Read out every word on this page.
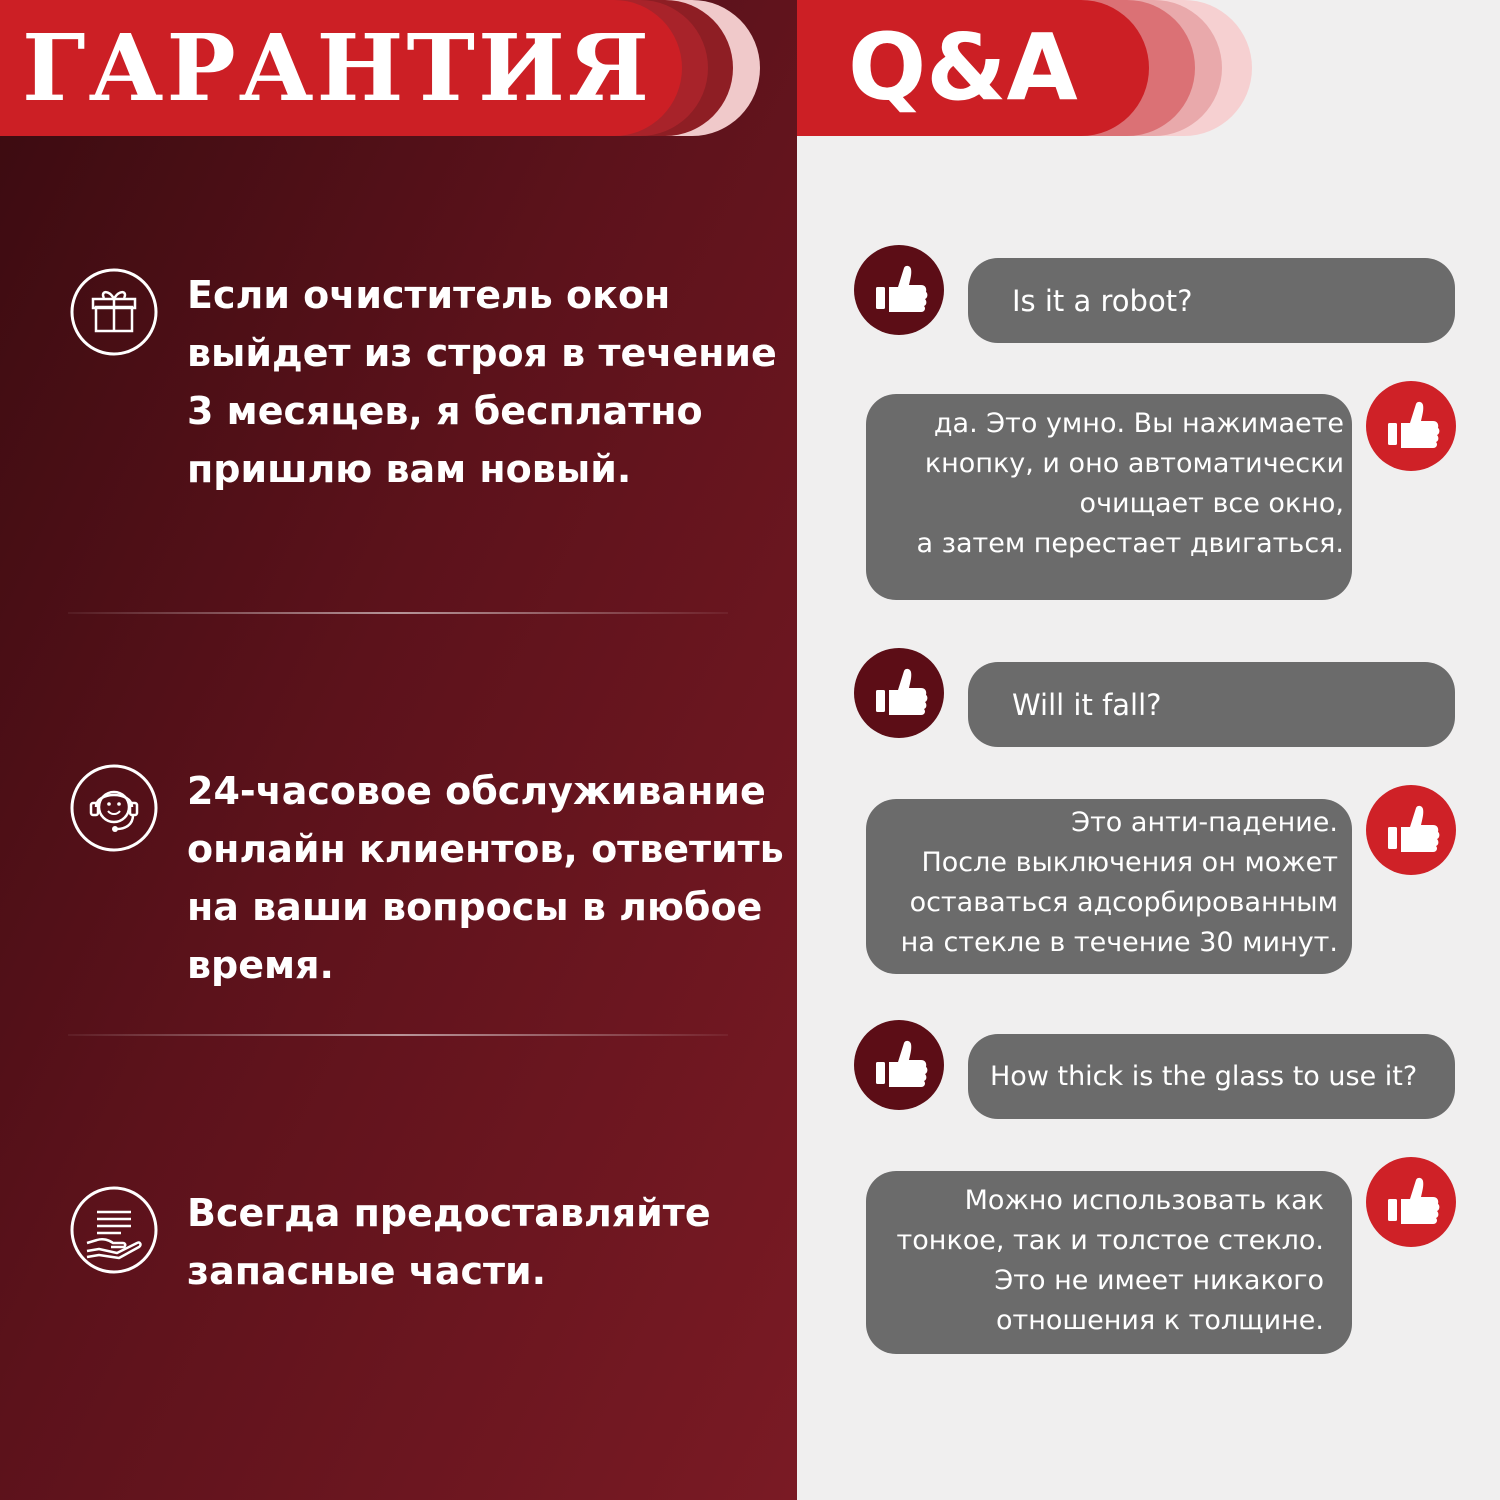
ГАРАНТИЯ Q&A
Если очиститель окон
выйдет из строя в течение
3 месяцев, я бесплатно
пришлю вам новый.
24-часовое обслуживание
онлайн клиентов, ответить
на ваши вопросы в любое
время.
Всегда предоставляйте
запасные части.
Is it a robot?
да. Это умно. Вы нажимаете
кнопку, и оно автоматически
очищает все окно,
а затем перестает двигаться.
Will it fall?
Это анти-падение.
После выключения он может
оставаться адсорбированным
на стекле в течение 30 минут.
How thick is the glass to use it?
Можно использовать как
тонкое, так и толстое стекло.
Это не имеет никакого
отношения к толщине.
